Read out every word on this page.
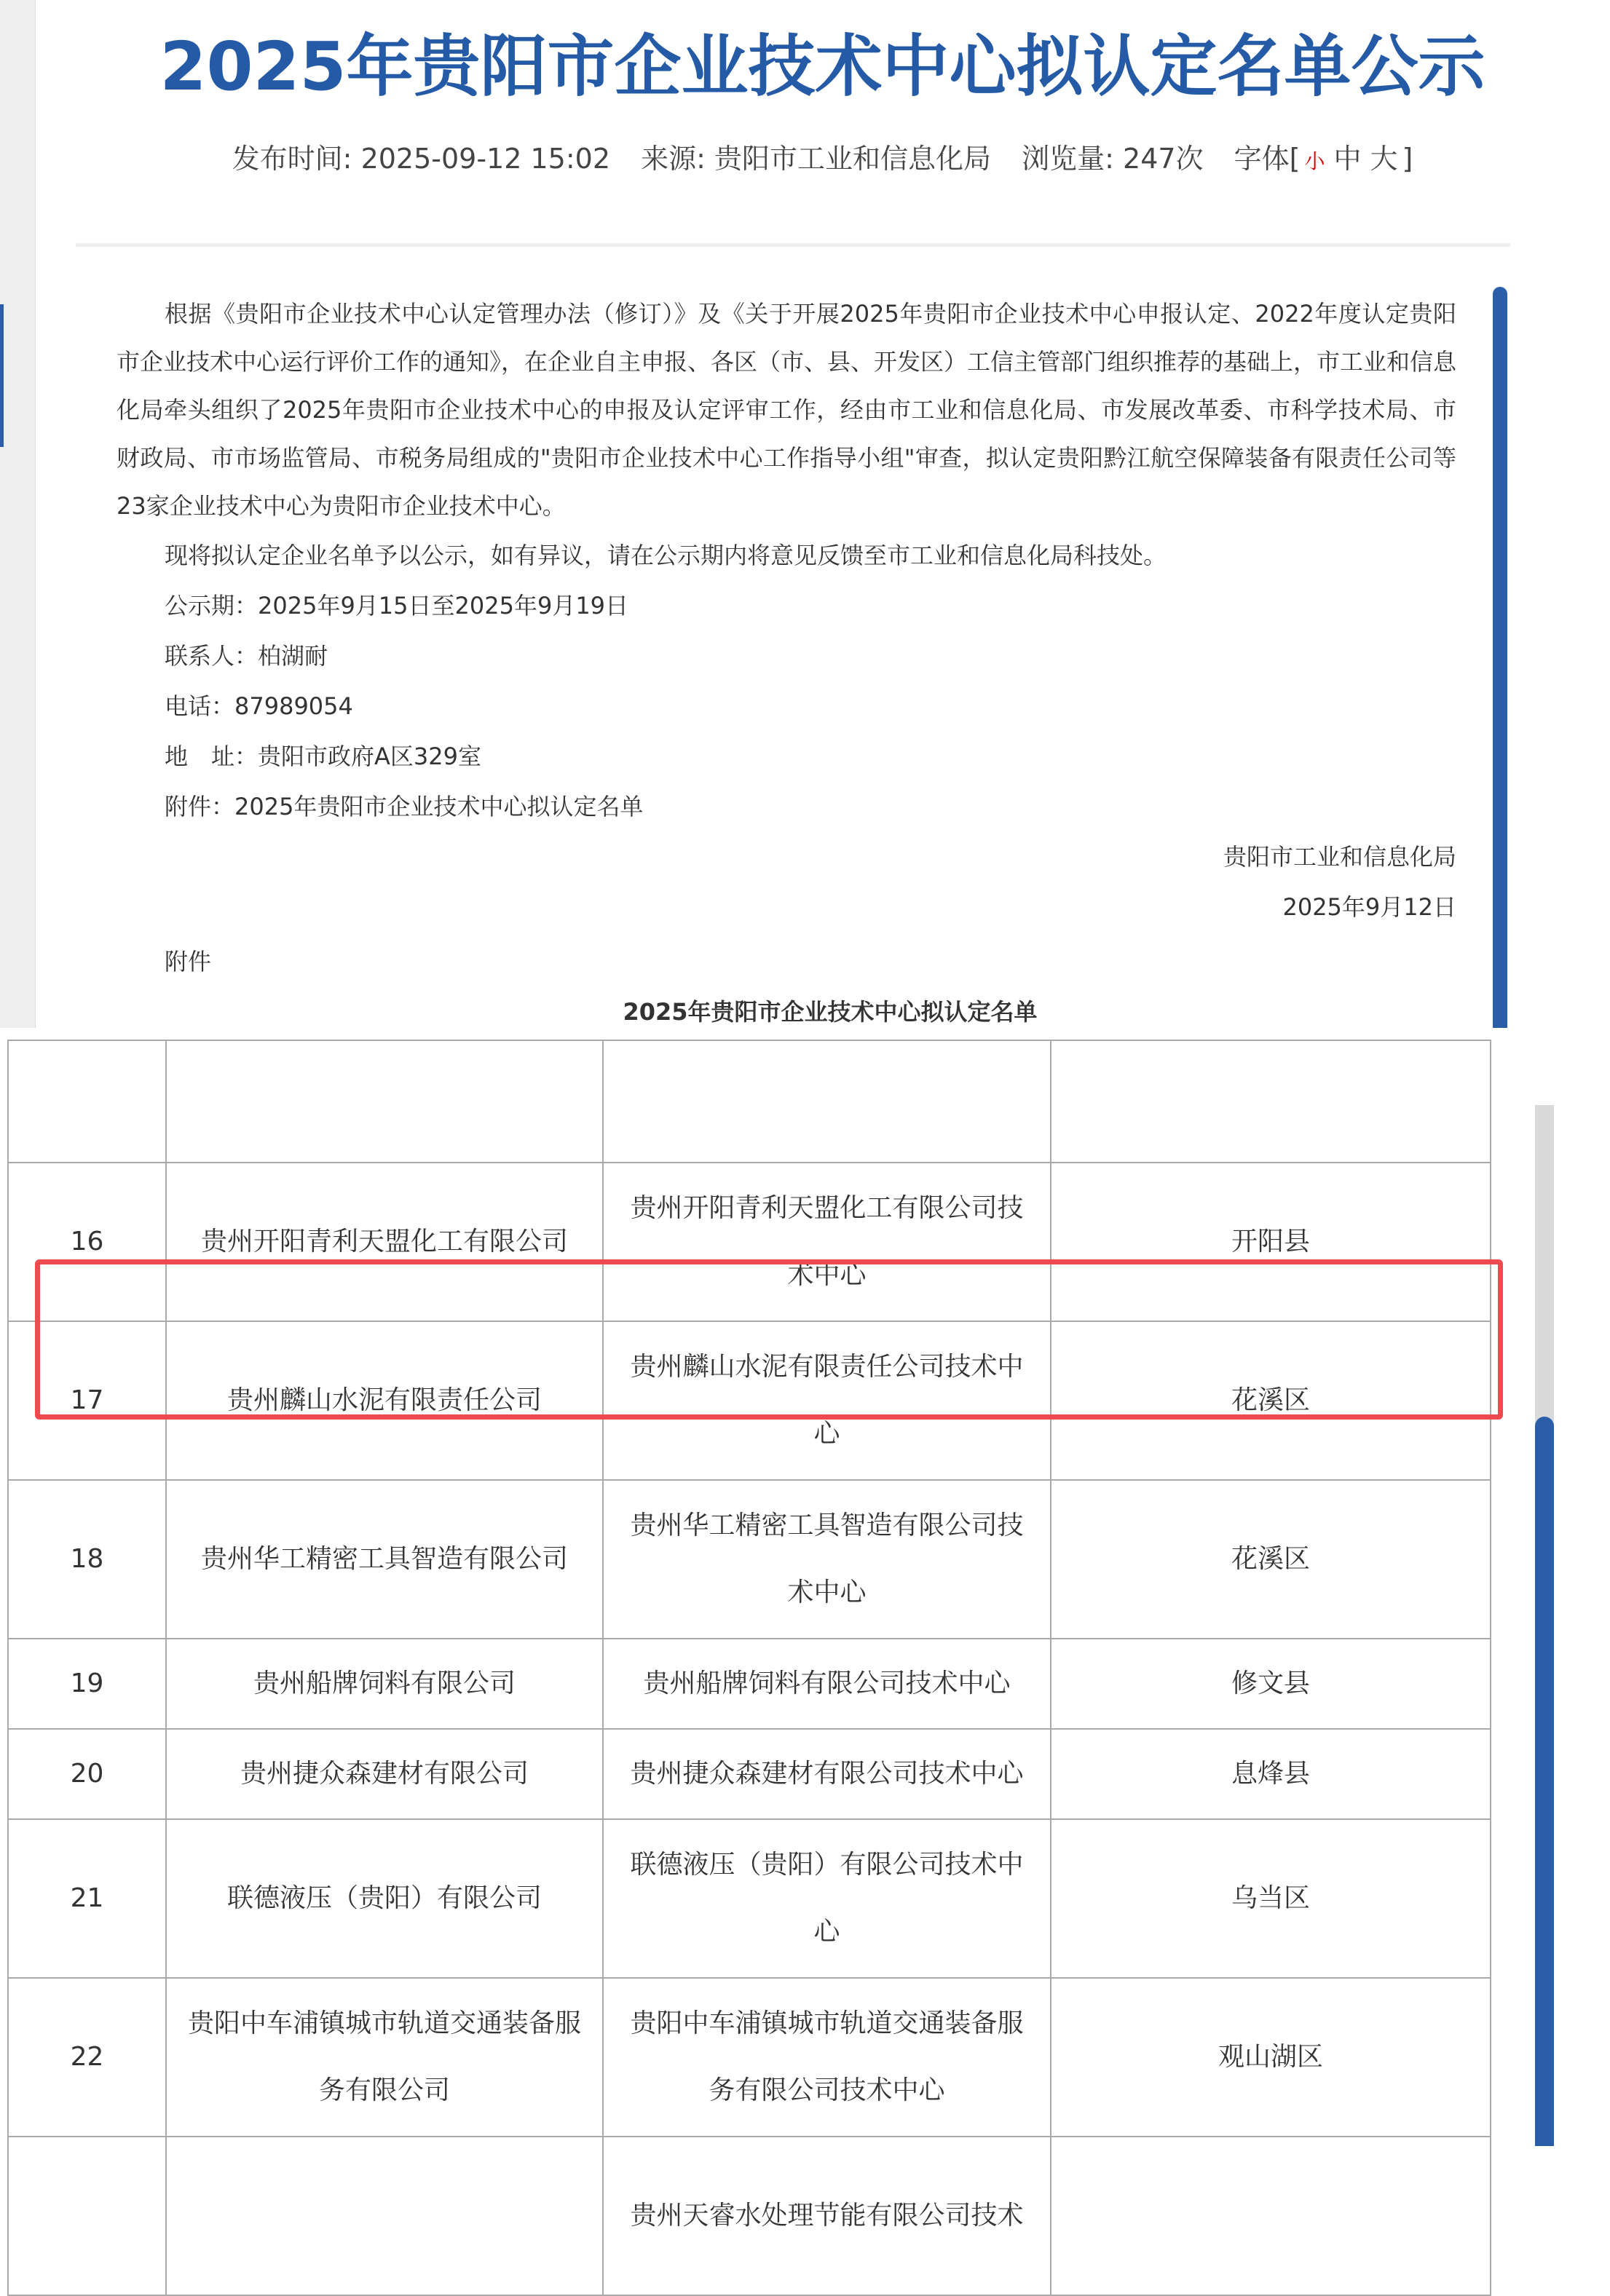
2025年贵阳市企业技术中心拟认定名单公示
发布时间: 2025-09-12 15:02 来源: 贵阳市工业和信息化局 浏览量: 247次 字体[ 小 中 大 ]

根据《贵阳市企业技术中心认定管理办法（修订）》及《关于开展2025年贵阳市企业技术中心申报认定、2022年度认定贵阳市企业技术中心运行评价工作的通知》，在企业自主申报、各区（市、县、开发区）工信主管部门组织推荐的基础上，市工业和信息化局牵头组织了2025年贵阳市企业技术中心的申报及认定评审工作，经由市工业和信息化局、市发展改革委、市科学技术局、市财政局、市市场监管局、市税务局组成的"贵阳市企业技术中心工作指导小组"审查，拟认定贵阳黔江航空保障装备有限责任公司等23家企业技术中心为贵阳市企业技术中心。

现将拟认定企业名单予以公示，如有异议，请在公示期内将意见反馈至市工业和信息化局科技处。

公示期：2025年9月15日至2025年9月19日

联系人：柏湖耐

电话：87989054

地　址：贵阳市政府A区329室

附件：2025年贵阳市企业技术中心拟认定名单

贵阳市工业和信息化局

2025年9月12日

附件

2025年贵阳市企业技术中心拟认定名单

16	贵州开阳青利天盟化工有限公司	贵州开阳青利天盟化工有限公司技术中心	开阳县
17	贵州麟山水泥有限责任公司	贵州麟山水泥有限责任公司技术中心	花溪区
18	贵州华工精密工具智造有限公司	贵州华工精密工具智造有限公司技术中心	花溪区
19	贵州船牌饲料有限公司	贵州船牌饲料有限公司技术中心	修文县
20	贵州捷众森建材有限公司	贵州捷众森建材有限公司技术中心	息烽县
21	联德液压（贵阳）有限公司	联德液压（贵阳）有限公司技术中心	乌当区
22	贵阳中车浦镇城市轨道交通装备服务有限公司	贵阳中车浦镇城市轨道交通装备服务有限公司技术中心	观山湖区
		贵州天睿水处理节能有限公司技术	
